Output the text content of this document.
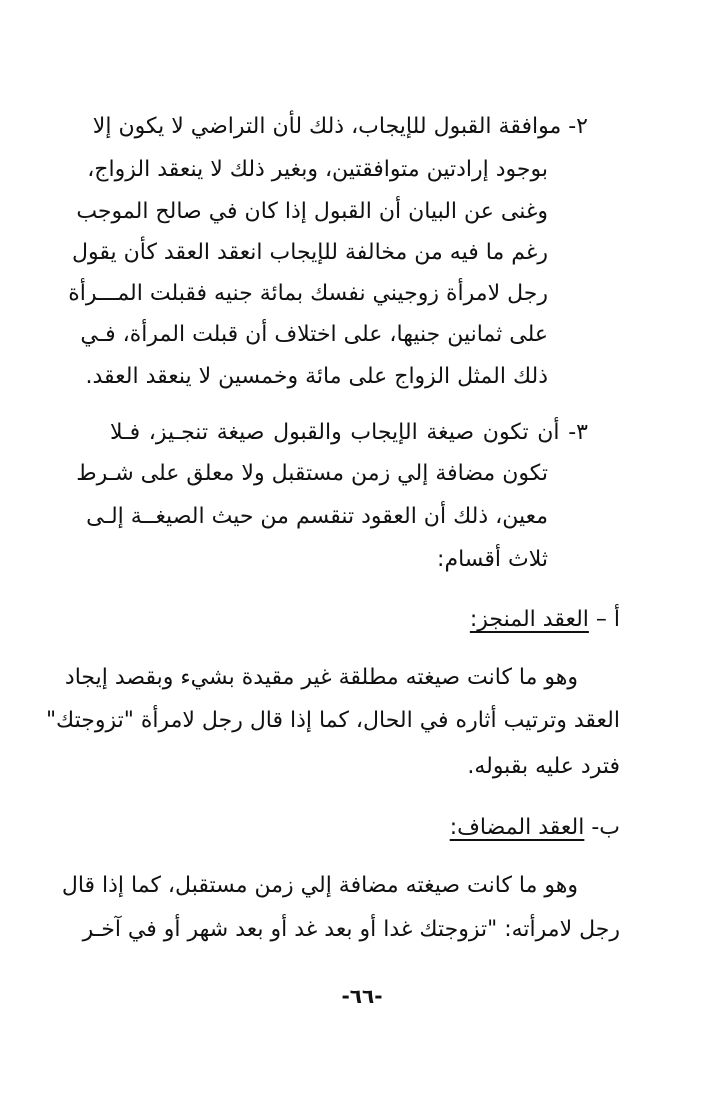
٢- موافقة القبول للإيجاب، ذلك لأن التراضي لا يكون إلا
بوجود إرادتين متوافقتين، وبغير ذلك لا ينعقد الزواج،
وغنى عن البيان أن القبول إذا كان في صالح الموجب
رغم ما فيه من مخالفة للإيجاب انعقد العقد كأن يقول
رجل لامرأة زوجيني نفسك بمائة جنيه فقبلت المـــرأة
على ثمانين جنيها، على اختلاف أن قبلت المرأة، فـي
ذلك المثل الزواج على مائة وخمسين لا ينعقد العقد.
٣- أن تكون صيغة الإيجاب والقبول صيغة تنجـيز، فـلا
تكون مضافة إلي زمن مستقبل ولا معلق على شـرط
معين، ذلك أن العقود تنقسم من حيث الصيغــة إلـى
ثلاث أقسام:
أ – العقد المنجز:
وهو ما كانت صيغته مطلقة غير مقيدة بشيء وبقصد إيجاد
العقد وترتيب أثاره في الحال، كما إذا قال رجل لامرأة "تزوجتك"
فترد عليه بقبوله.
ب- العقد المضاف:
وهو ما كانت صيغته مضافة إلي زمن مستقبل، كما إذا قال
رجل لامرأته: "تزوجتك غدا أو بعد غد أو بعد شهر أو في آخـر
-٦٦-
